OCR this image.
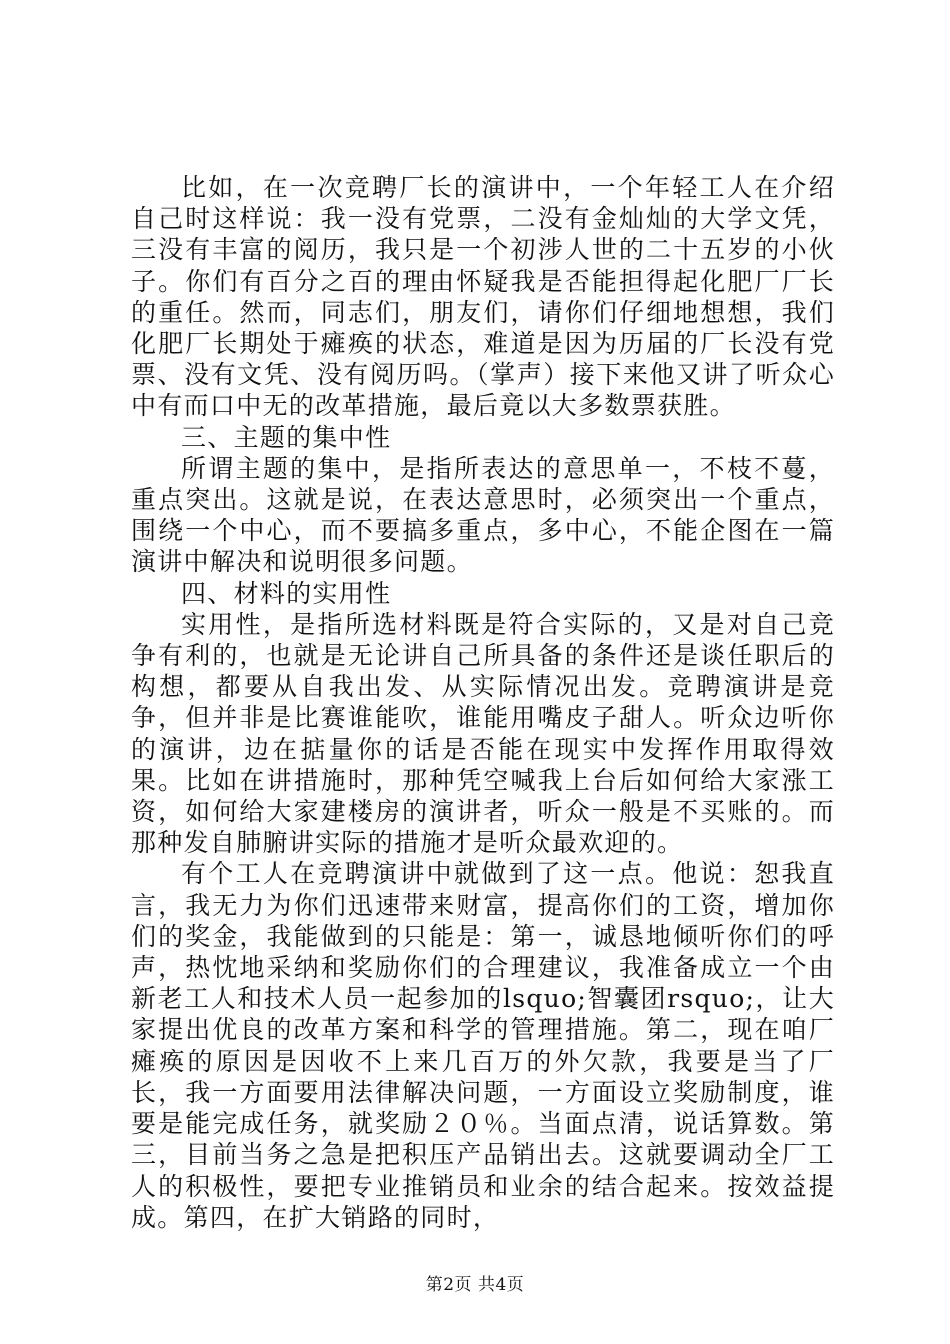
比如，在一次竞聘厂长的演讲中，一个年轻工人在介绍自己时这样说：我一没有党票，二没有金灿灿的大学文凭，三没有丰富的阅历，我只是一个初涉人世的二十五岁的小伙子。你们有百分之百的理由怀疑我是否能担得起化肥厂厂长的重任。然而，同志们，朋友们，请你们仔细地想想，我们化肥厂长期处于瘫痪的状态，难道是因为历届的厂长没有党票、没有文凭、没有阅历吗。（掌声）接下来他又讲了听众心中有而口中无的改革措施，最后竟以大多数票获胜。

三、主题的集中性

所谓主题的集中，是指所表达的意思单一，不枝不蔓，重点突出。这就是说，在表达意思时，必须突出一个重点，围绕一个中心，而不要搞多重点，多中心，不能企图在一篇演讲中解决和说明很多问题。

四、材料的实用性

实用性，是指所选材料既是符合实际的，又是对自己竞争有利的，也就是无论讲自己所具备的条件还是谈任职后的构想，都要从自我出发、从实际情况出发。竞聘演讲是竞争，但并非是比赛谁能吹，谁能用嘴皮子甜人。听众边听你的演讲，边在掂量你的话是否能在现实中发挥作用取得效果。比如在讲措施时，那种凭空喊我上台后如何给大家涨工资，如何给大家建楼房的演讲者，听众一般是不买账的。而那种发自肺腑讲实际的措施才是听众最欢迎的。

有个工人在竞聘演讲中就做到了这一点。他说：恕我直言，我无力为你们迅速带来财富，提高你们的工资，增加你们的奖金，我能做到的只能是：第一，诚恳地倾听你们的呼声，热忱地采纳和奖励你们的合理建议，我准备成立一个由新老工人和技术人员一起参加的lsquo;智囊团rsquo;，让大家提出优良的改革方案和科学的管理措施。第二，现在咱厂瘫痪的原因是因收不上来几百万的外欠款，我要是当了厂长，我一方面要用法律解决问题，一方面设立奖励制度，谁要是能完成任务，就奖励２０％。当面点清，说话算数。第三，目前当务之急是把积压产品销出去。这就要调动全厂工人的积极性，要把专业推销员和业余的结合起来。按效益提成。第四，在扩大销路的同时，

第2页 共4页
